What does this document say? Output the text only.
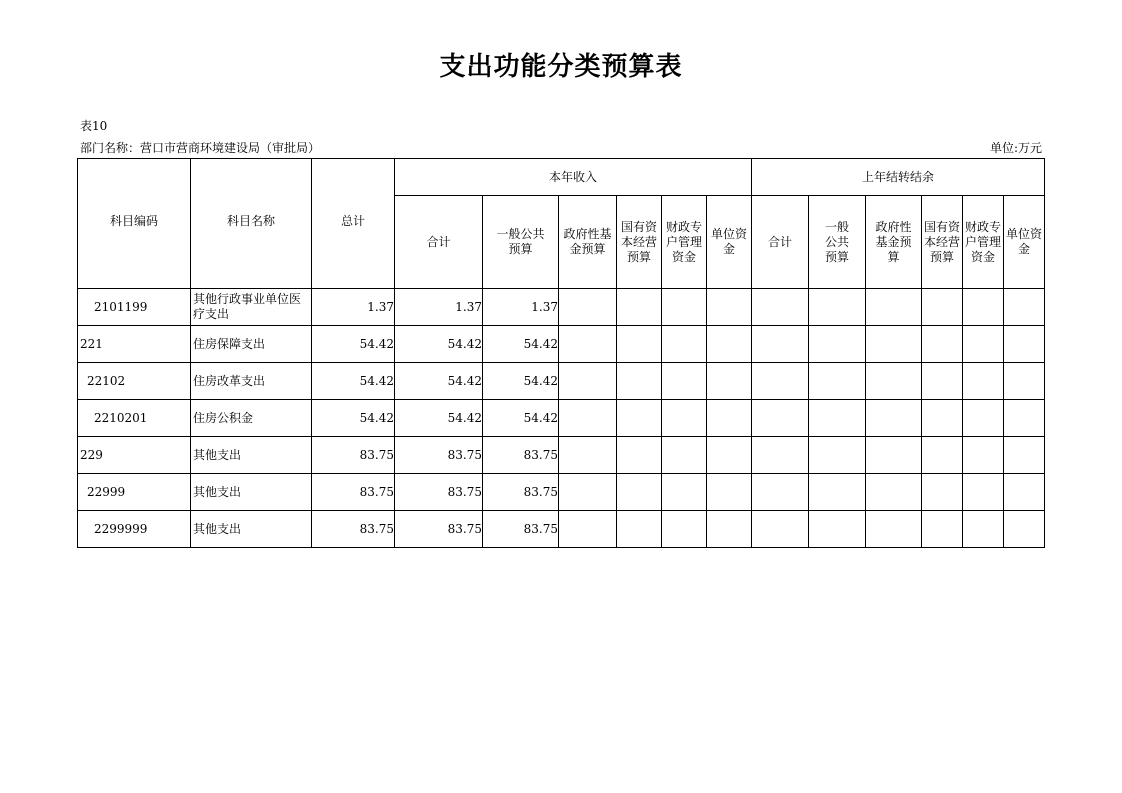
支出功能分类预算表
表10
部门名称：营口市营商环境建设局（审批局）	单位:万元
科目编码	科目名称	总计	本年收入						上年结转结余					
			合计	一般公共预算	政府性基金预算	国有资本经营预算	财政专户管理资金	单位资金	合计	一般公共预算	政府性基金预算	国有资本经营预算	财政专户管理资金	单位资金
2101199	其他行政事业单位医疗支出	1.37	1.37	1.37										
221	住房保障支出	54.42	54.42	54.42										
22102	住房改革支出	54.42	54.42	54.42										
2210201	住房公积金	54.42	54.42	54.42										
229	其他支出	83.75	83.75	83.75										
22999	其他支出	83.75	83.75	83.75										
2299999	其他支出	83.75	83.75	83.75										
